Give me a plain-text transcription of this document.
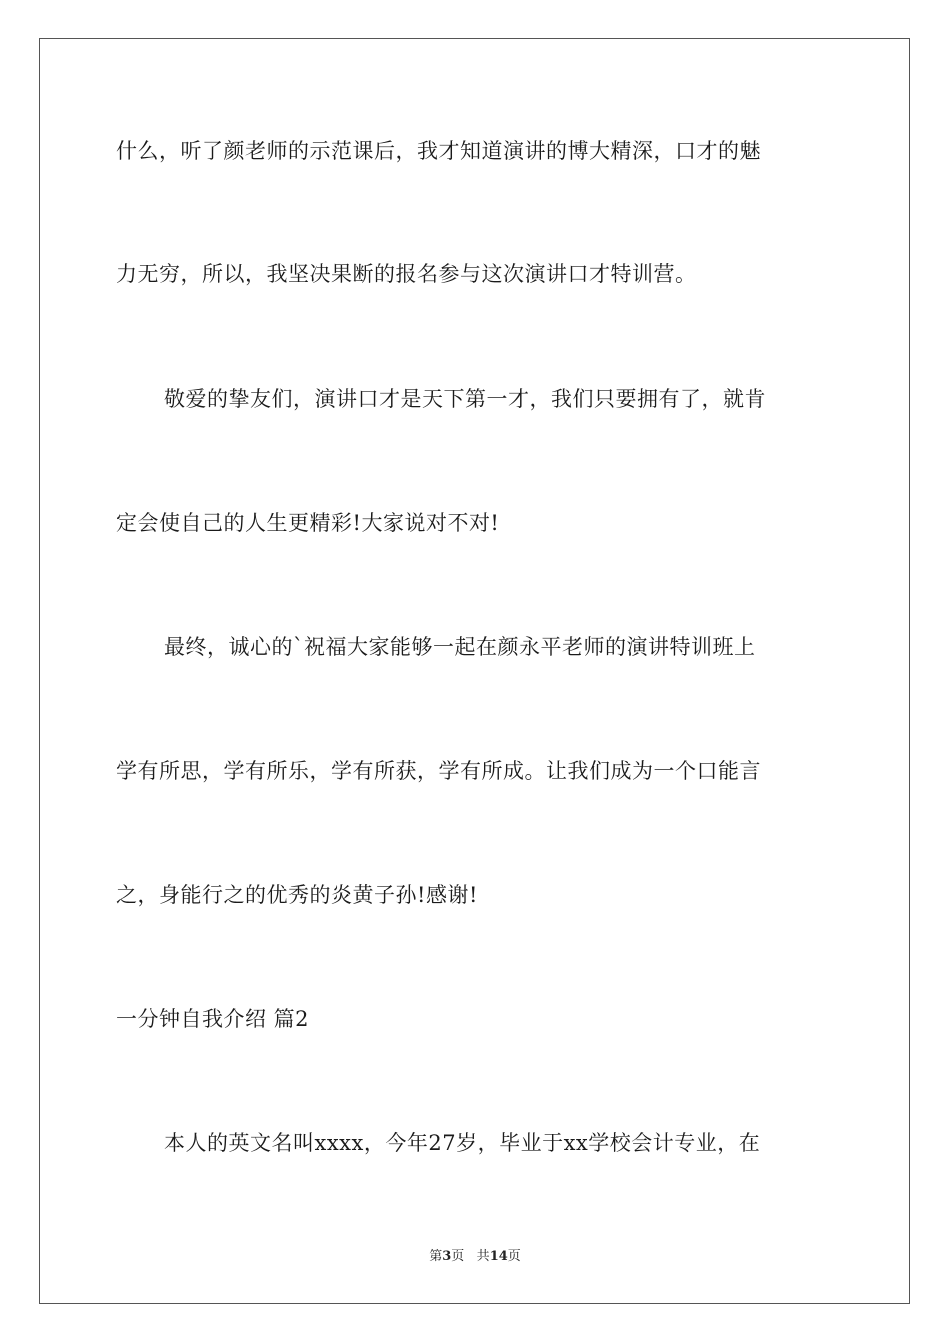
什么，听了颜老师的示范课后，我才知道演讲的博大精深，口才的魅
力无穷，所以，我坚决果断的报名参与这次演讲口才特训营。
敬爱的挚友们，演讲口才是天下第一才，我们只要拥有了，就肯
定会使自己的人生更精彩!大家说对不对!
最终，诚心的`祝福大家能够一起在颜永平老师的演讲特训班上
学有所思，学有所乐，学有所获，学有所成。让我们成为一个口能言
之，身能行之的优秀的炎黄子孙!感谢!
一分钟自我介绍 篇2
本人的英文名叫xxxx，今年27岁，毕业于xx学校会计专业，在
第3页 共14页
